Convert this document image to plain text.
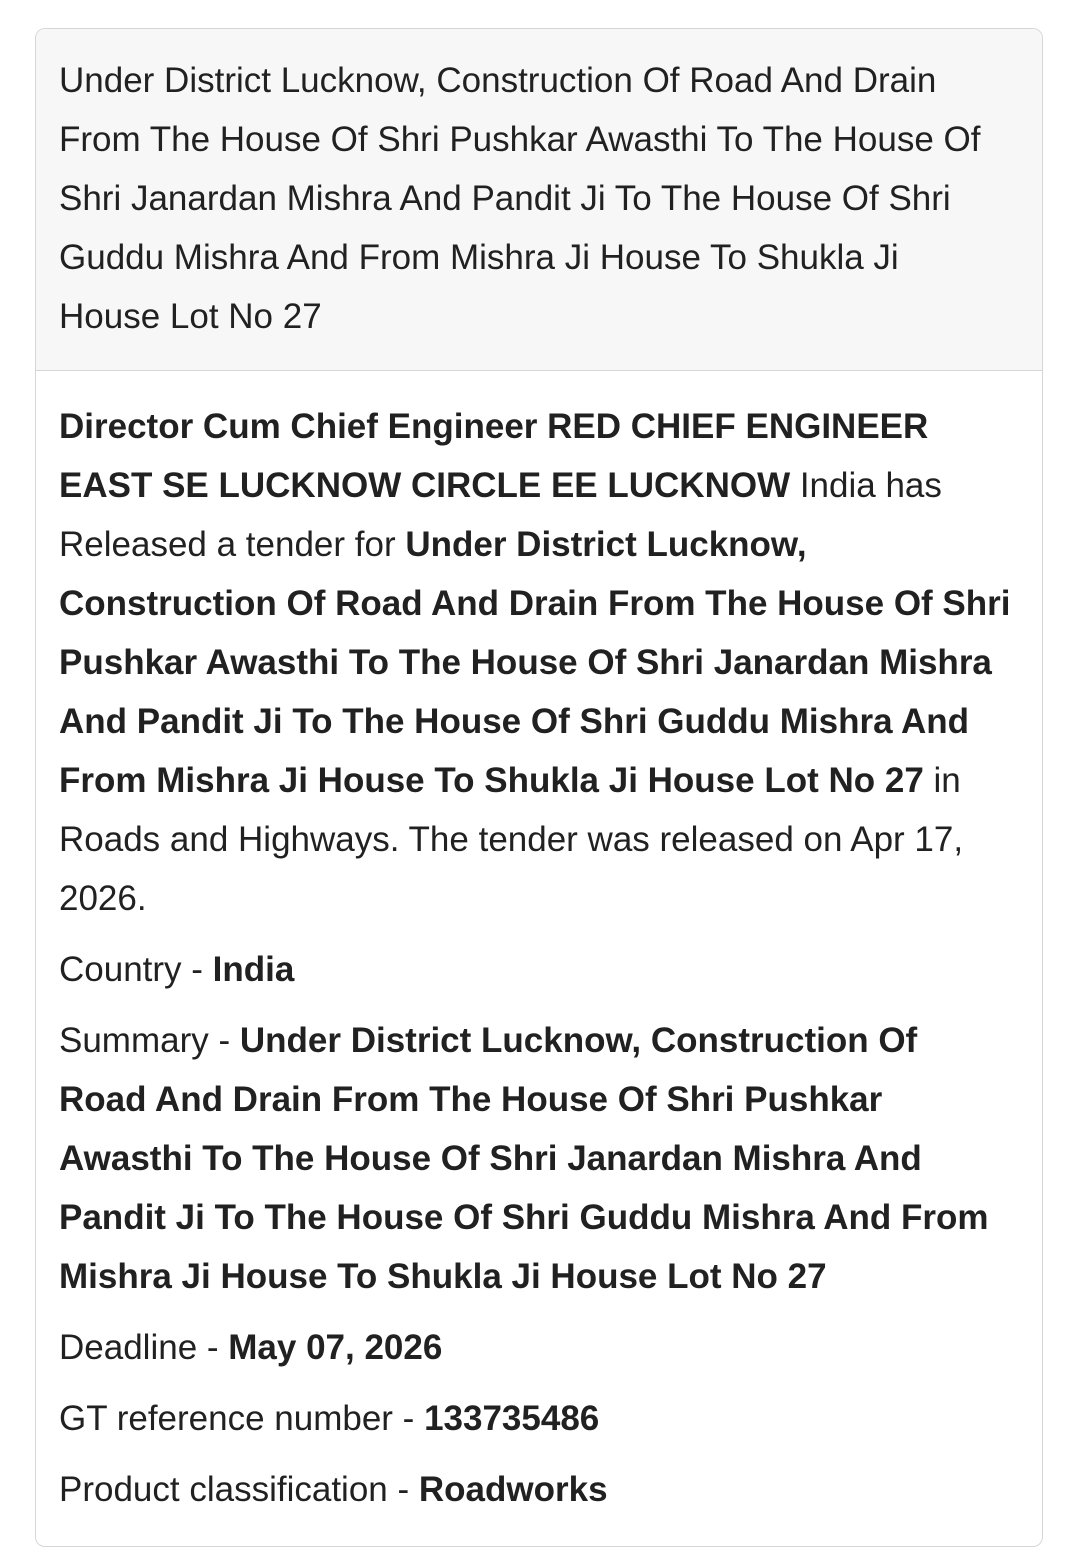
Under District Lucknow, Construction Of Road And Drain From The House Of Shri Pushkar Awasthi To The House Of Shri Janardan Mishra And Pandit Ji To The House Of Shri Guddu Mishra And From Mishra Ji House To Shukla Ji House Lot No 27

Director Cum Chief Engineer RED CHIEF ENGINEER EAST SE LUCKNOW CIRCLE EE LUCKNOW India has Released a tender for Under District Lucknow, Construction Of Road And Drain From The House Of Shri Pushkar Awasthi To The House Of Shri Janardan Mishra And Pandit Ji To The House Of Shri Guddu Mishra And From Mishra Ji House To Shukla Ji House Lot No 27 in Roads and Highways. The tender was released on Apr 17, 2026.

Country - India

Summary - Under District Lucknow, Construction Of Road And Drain From The House Of Shri Pushkar Awasthi To The House Of Shri Janardan Mishra And Pandit Ji To The House Of Shri Guddu Mishra And From Mishra Ji House To Shukla Ji House Lot No 27

Deadline - May 07, 2026

GT reference number - 133735486

Product classification - Roadworks
